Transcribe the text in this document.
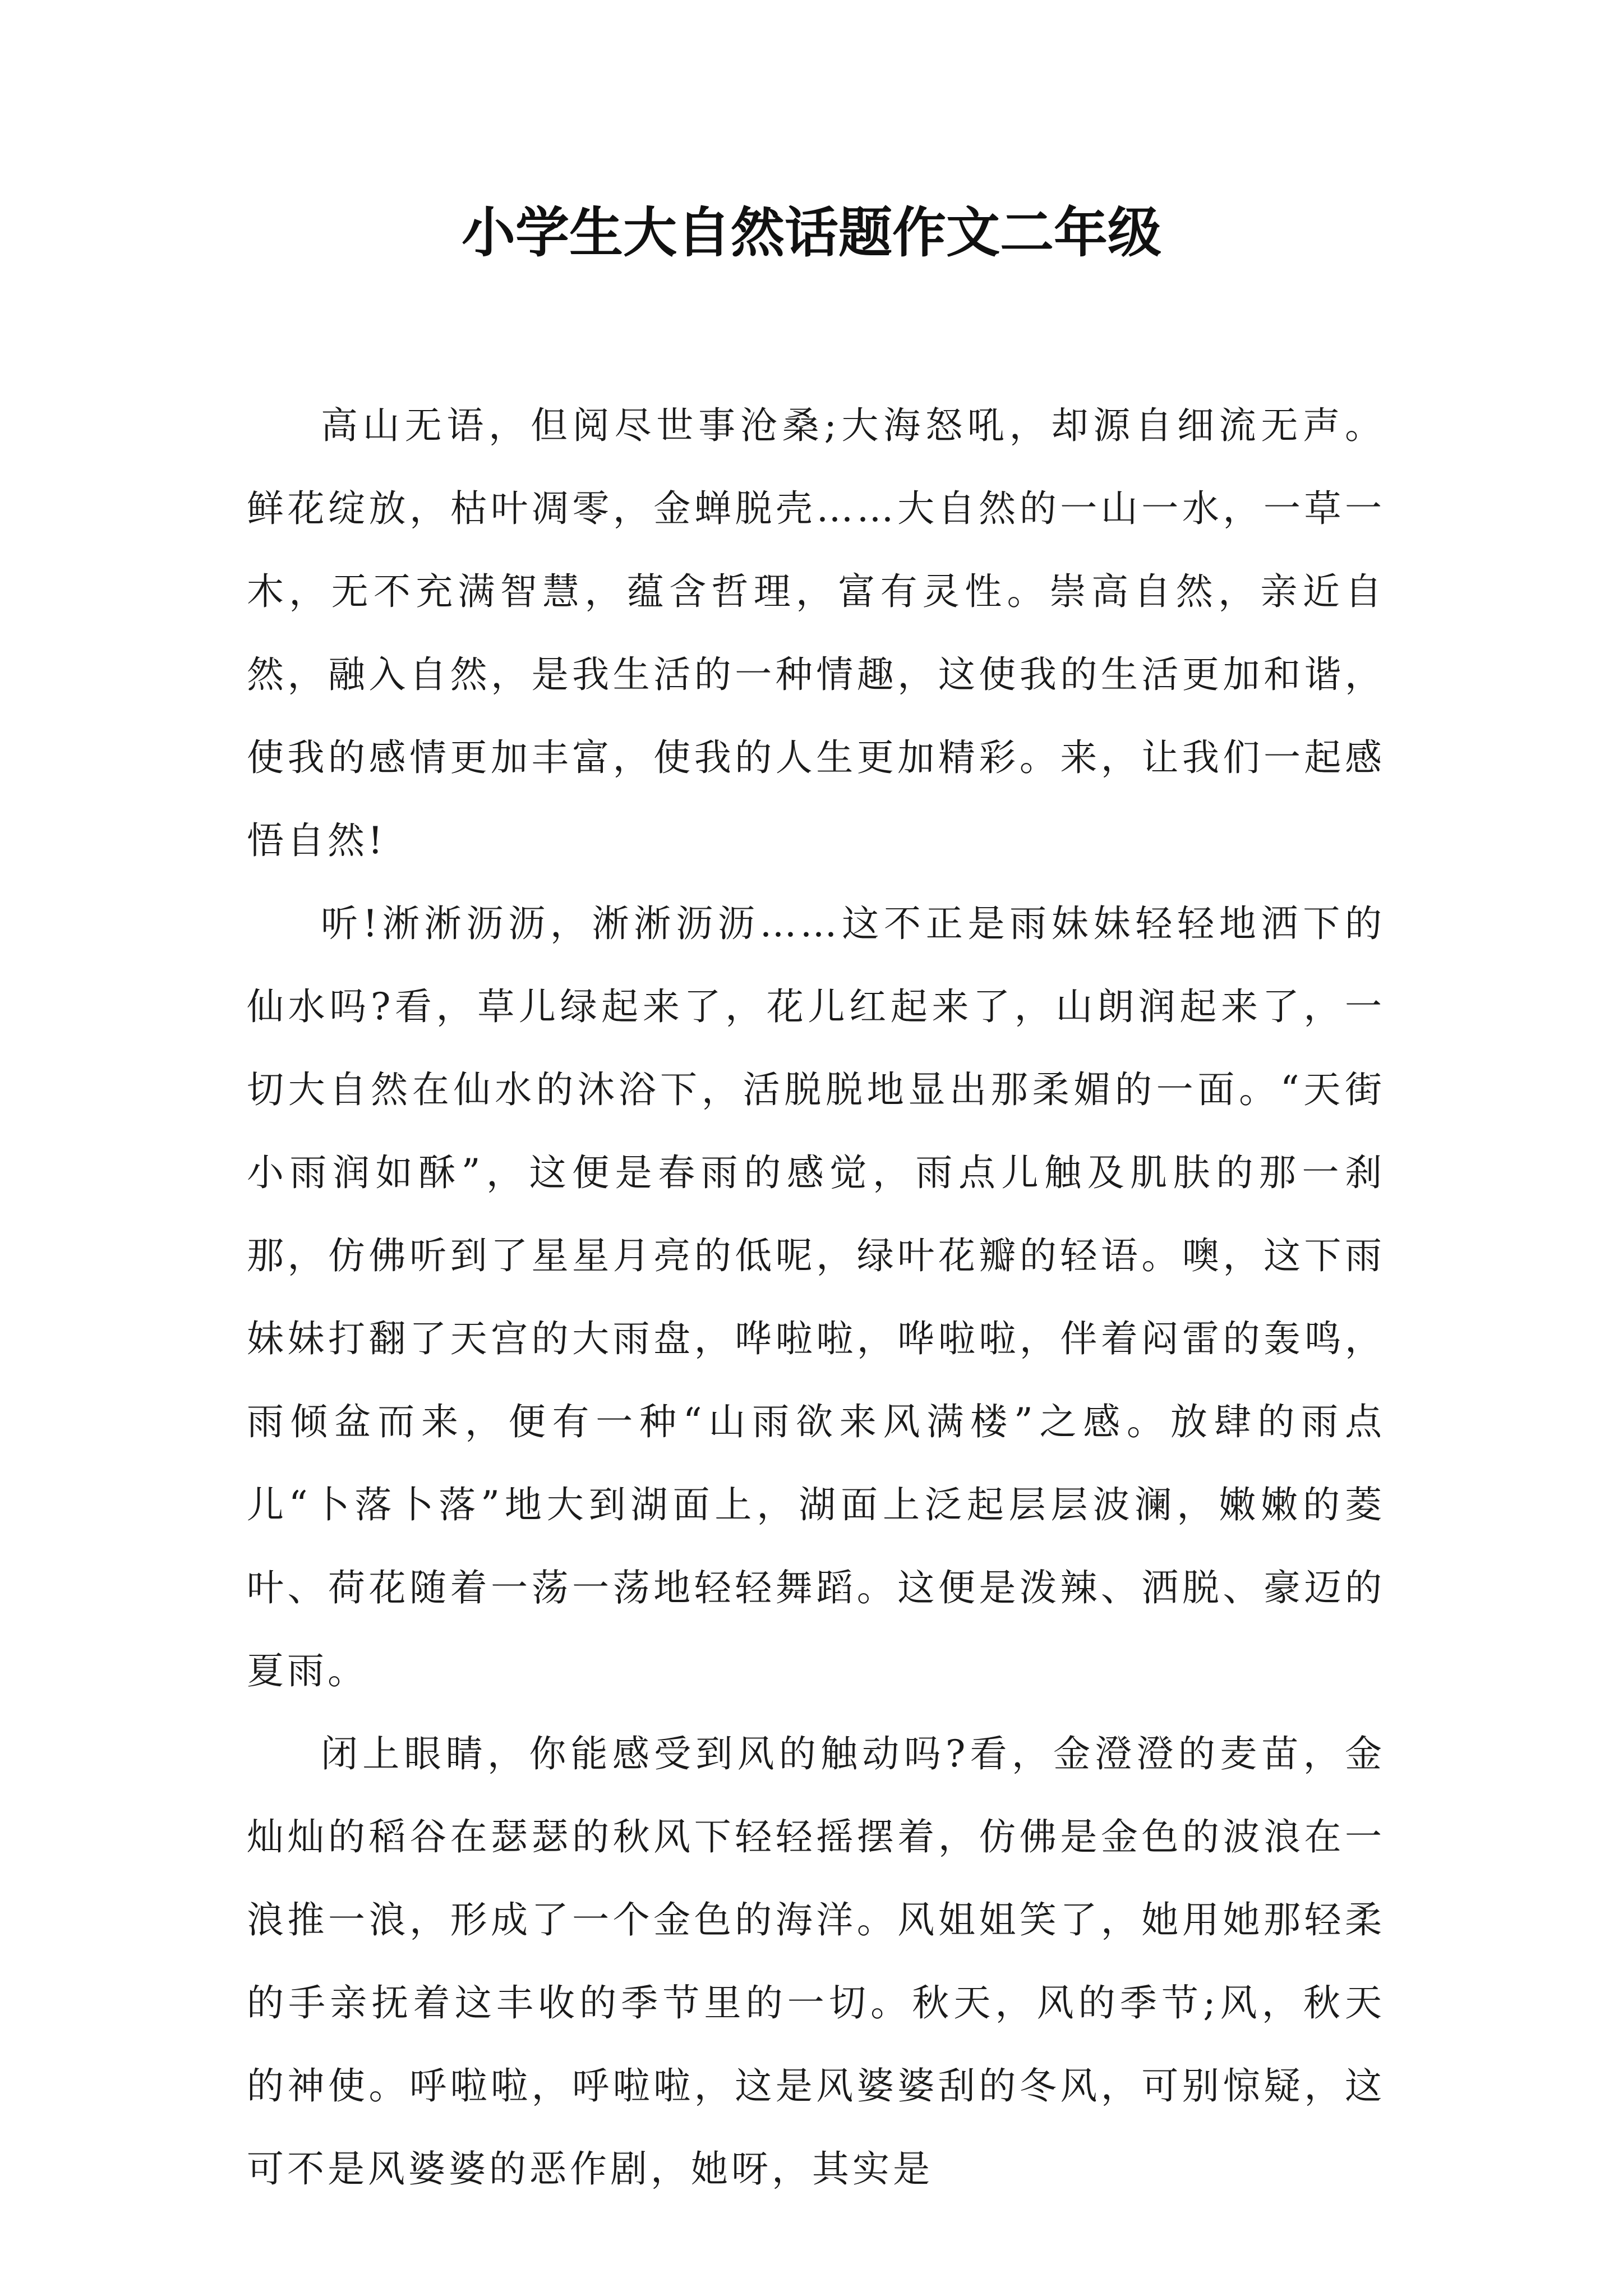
小学生大自然话题作文二年级

高山无语，但阅尽世事沧桑;大海怒吼，却源自细流无声。鲜花绽放，枯叶凋零，金蝉脱壳……大自然的一山一水，一草一木，无不充满智慧，蕴含哲理，富有灵性。崇高自然，亲近自然，融入自然，是我生活的一种情趣，这使我的生活更加和谐，使我的感情更加丰富，使我的人生更加精彩。来，让我们一起感悟自然!

听!淅淅沥沥，淅淅沥沥……这不正是雨妹妹轻轻地洒下的仙水吗?看，草儿绿起来了，花儿红起来了，山朗润起来了，一切大自然在仙水的沐浴下，活脱脱地显出那柔媚的一面。“天街小雨润如酥”，这便是春雨的感觉，雨点儿触及肌肤的那一刹那，仿佛听到了星星月亮的低呢，绿叶花瓣的轻语。噢，这下雨妹妹打翻了天宫的大雨盘，哗啦啦，哗啦啦，伴着闷雷的轰鸣，雨倾盆而来，便有一种“山雨欲来风满楼”之感。放肆的雨点儿“卜落卜落”地大到湖面上，湖面上泛起层层波澜，嫩嫩的菱叶、荷花随着一荡一荡地轻轻舞蹈。这便是泼辣、洒脱、豪迈的夏雨。

闭上眼睛，你能感受到风的触动吗?看，金澄澄的麦苗，金灿灿的稻谷在瑟瑟的秋风下轻轻摇摆着，仿佛是金色的波浪在一浪推一浪，形成了一个金色的海洋。风姐姐笑了，她用她那轻柔的手亲抚着这丰收的季节里的一切。秋天，风的季节;风，秋天的神使。呼啦啦，呼啦啦，这是风婆婆刮的冬风，可别惊疑，这可不是风婆婆的恶作剧，她呀，其实是
